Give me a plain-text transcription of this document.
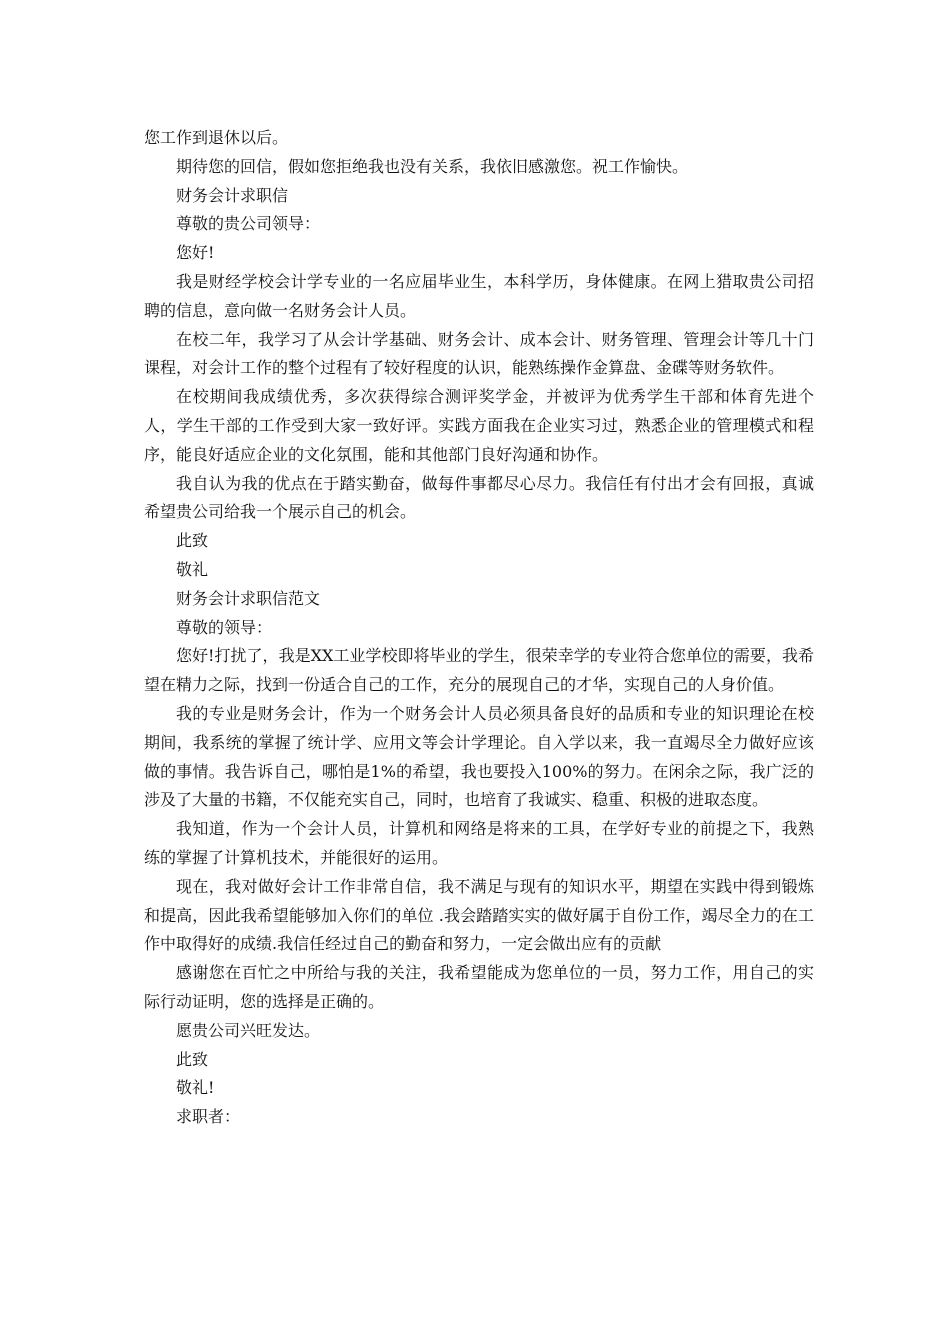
您工作到退休以后。

期待您的回信，假如您拒绝我也没有关系，我依旧感激您。祝工作愉快。

财务会计求职信

尊敬的贵公司领导：

您好!

我是财经学校会计学专业的一名应届毕业生，本科学历，身体健康。在网上猎取贵公司招聘的信息，意向做一名财务会计人员。

在校二年，我学习了从会计学基础、财务会计、成本会计、财务管理、管理会计等几十门课程，对会计工作的整个过程有了较好程度的认识，能熟练操作金算盘、金碟等财务软件。

在校期间我成绩优秀，多次获得综合测评奖学金，并被评为优秀学生干部和体育先进个人，学生干部的工作受到大家一致好评。实践方面我在企业实习过，熟悉企业的管理模式和程序，能良好适应企业的文化氛围，能和其他部门良好沟通和协作。

我自认为我的优点在于踏实勤奋，做每件事都尽心尽力。我信任有付出才会有回报，真诚希望贵公司给我一个展示自己的机会。

此致

敬礼

财务会计求职信范文

尊敬的领导：

您好!打扰了，我是XX工业学校即将毕业的学生，很荣幸学的专业符合您单位的需要，我希望在精力之际，找到一份适合自己的工作，充分的展现自己的才华，实现自己的人身价值。

我的专业是财务会计，作为一个财务会计人员必须具备良好的品质和专业的知识理论在校期间，我系统的掌握了统计学、应用文等会计学理论。自入学以来，我一直竭尽全力做好应该做的事情。我告诉自己，哪怕是1%的希望，我也要投入100%的努力。在闲余之际，我广泛的涉及了大量的书籍，不仅能充实自己，同时，也培育了我诚实、稳重、积极的进取态度。

我知道，作为一个会计人员，计算机和网络是将来的工具，在学好专业的前提之下，我熟练的掌握了计算机技术，并能很好的运用。

现在，我对做好会计工作非常自信，我不满足与现有的知识水平，期望在实践中得到锻炼和提高，因此我希望能够加入你们的单位 .我会踏踏实实的做好属于自份工作，竭尽全力的在工作中取得好的成绩.我信任经过自己的勤奋和努力，一定会做出应有的贡献

感谢您在百忙之中所给与我的关注，我希望能成为您单位的一员，努力工作，用自己的实际行动证明，您的选择是正确的。

愿贵公司兴旺发达。

此致

敬礼!

求职者：
